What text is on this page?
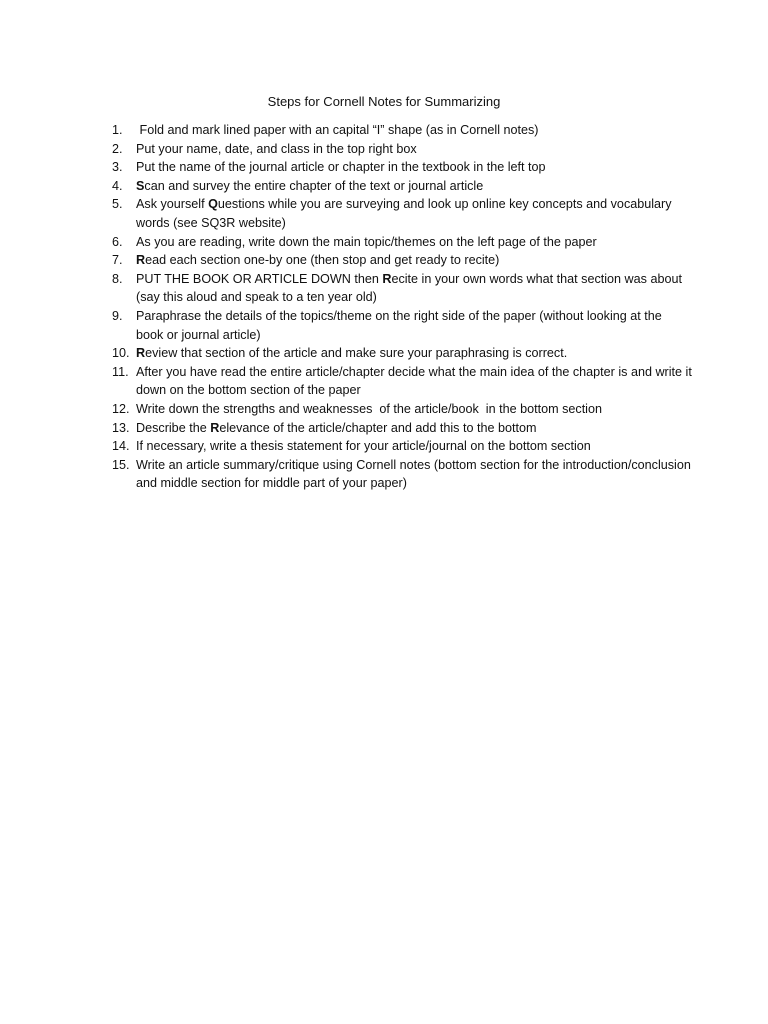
Steps for Cornell Notes for Summarizing
1.	Fold and mark lined paper with an capital “I” shape (as in Cornell notes)
2.	Put your name, date, and class in the top right box
3.	Put the name of the journal article or chapter in the textbook in the left top
4.	Scan and survey the entire chapter of the text or journal article
5.	Ask yourself Questions while you are surveying and look up online key concepts and vocabulary words (see SQ3R website)
6.	As you are reading, write down the main topic/themes on the left page of the paper
7.	Read each section one-by one (then stop and get ready to recite)
8.	PUT THE BOOK OR ARTICLE DOWN then Recite in your own words what that section was about (say this aloud and speak to a ten year old)
9.	Paraphrase the details of the topics/theme on the right side of the paper (without looking at the book or journal article)
10. Review that section of the article and make sure your paraphrasing is correct.
11. After you have read the entire article/chapter decide what the main idea of the chapter is and write it down on the bottom section of the paper
12. Write down the strengths and weaknesses  of the article/book  in the bottom section
13. Describe the Relevance of the article/chapter and add this to the bottom
14. If necessary, write a thesis statement for your article/journal on the bottom section
15. Write an article summary/critique using Cornell notes (bottom section for the introduction/conclusion and middle section for middle part of your paper)
